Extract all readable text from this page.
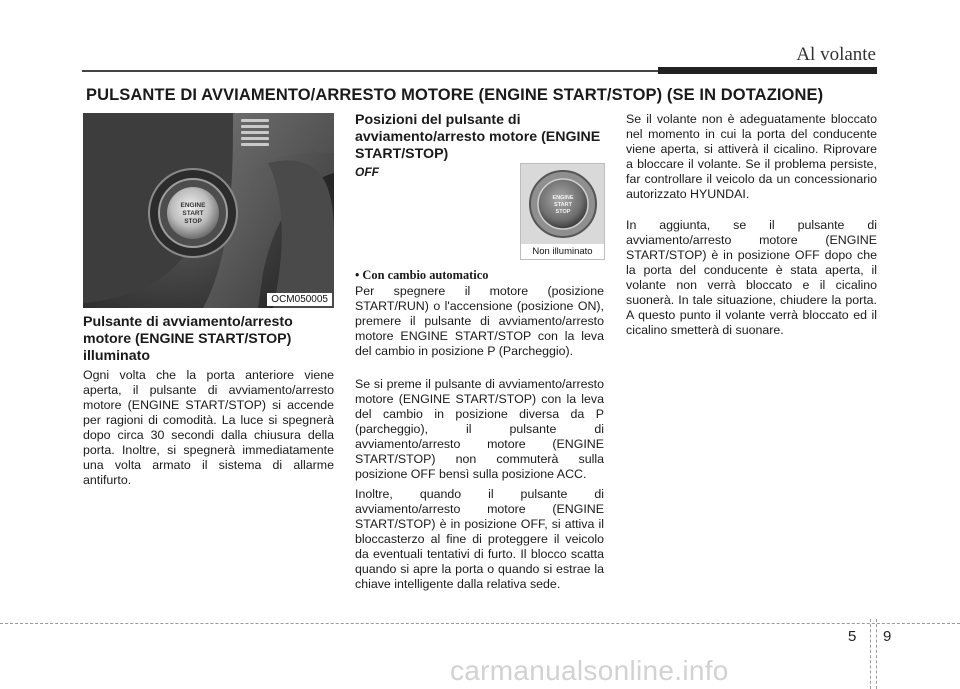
Al volante
PULSANTE DI AVVIAMENTO/ARRESTO MOTORE (ENGINE START/STOP) (SE IN DOTAZIONE)
ENGINE
START
STOP
OCM050005
Pulsante di avviamento/arresto motore (ENGINE START/STOP) illuminato
Ogni volta che la porta anteriore viene aperta, il pulsante di avviamento/arresto motore (ENGINE START/STOP) si accende per ragioni di comodità. La luce si spegnerà dopo circa 30 secondi dalla chiusura della porta. Inoltre, si spegnerà immediatamente una volta armato il sistema di allarme antifurto.
Posizioni del pulsante di avviamento/arresto motore (ENGINE START/STOP)
OFF
ENGINE
START
STOP
Non illuminato
• Con cambio automatico
Per spegnere il motore (posizione START/RUN) o l'accensione (posizione ON), premere il pulsante di avviamento/arresto motore ENGINE START/STOP con la leva del cambio in posizione P (Parcheggio).
Se si preme il pulsante di avviamento/arresto motore (ENGINE START/STOP) con la leva del cambio in posizione diversa da P (parcheggio), il pulsante di avviamento/arresto motore (ENGINE START/STOP) non commuterà sulla posizione OFF bensì sulla posizione ACC.
Inoltre, quando il pulsante di avviamento/arresto motore (ENGINE START/STOP) è in posizione OFF, si attiva il bloccasterzo al fine di proteggere il veicolo da eventuali tentativi di furto. Il blocco scatta quando si apre la porta o quando si estrae la chiave intelligente dalla relativa sede.
Se il volante non è adeguatamente bloccato nel momento in cui la porta del conducente viene aperta, si attiverà il cicalino. Riprovare a bloccare il volante. Se il problema persiste, far controllare il veicolo da un concessionario autorizzato HYUNDAI.
In aggiunta, se il pulsante di avviamento/arresto motore (ENGINE START/STOP) è in posizione OFF dopo che la porta del conducente è stata aperta, il volante non verrà bloccato e il cicalino suonerà. In tale situazione, chiudere la porta. A questo punto il volante verrà bloccato ed il cicalino smetterà di suonare.
5 9
carmanualsonline.info
